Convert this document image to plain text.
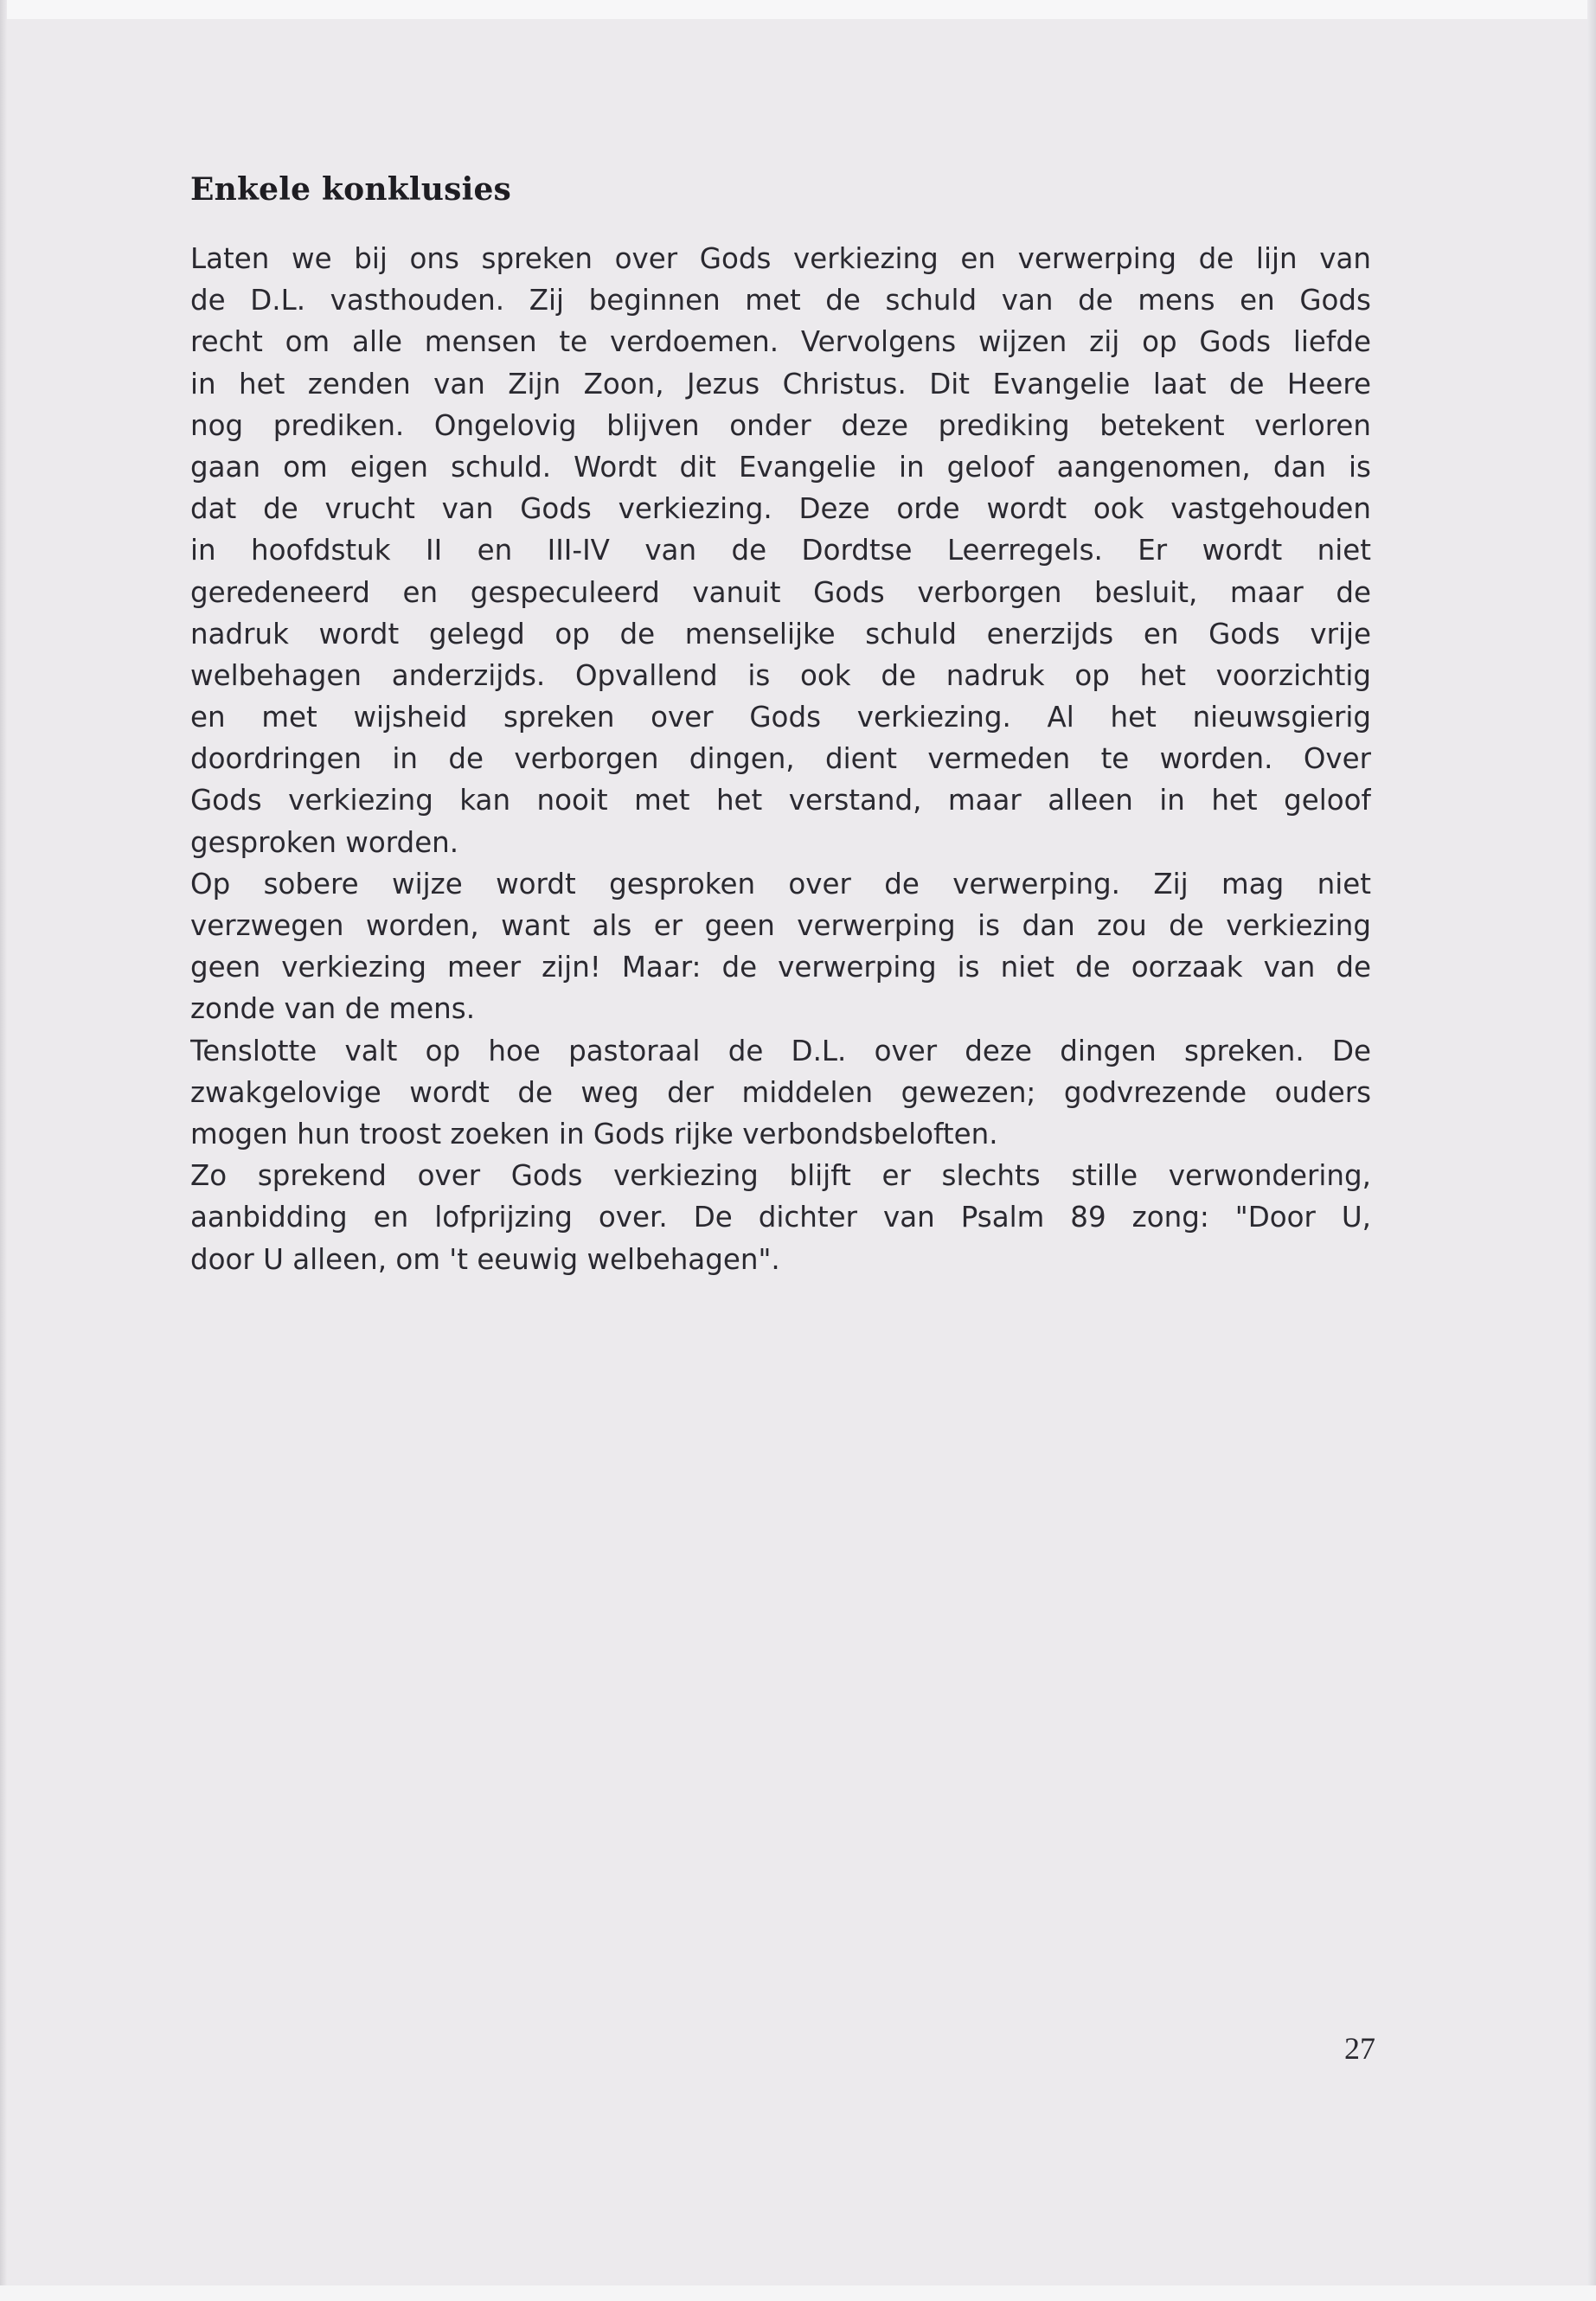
Enkele konklusies
Laten we bij ons spreken over Gods verkiezing en verwerping de lijn van
de D.L. vasthouden. Zij beginnen met de schuld van de mens en Gods
recht om alle mensen te verdoemen. Vervolgens wijzen zij op Gods liefde
in het zenden van Zijn Zoon, Jezus Christus. Dit Evangelie laat de Heere
nog prediken. Ongelovig blijven onder deze prediking betekent verloren
gaan om eigen schuld. Wordt dit Evangelie in geloof aangenomen, dan is
dat de vrucht van Gods verkiezing. Deze orde wordt ook vastgehouden
in hoofdstuk II en III-IV van de Dordtse Leerregels. Er wordt niet
geredeneerd en gespeculeerd vanuit Gods verborgen besluit, maar de
nadruk wordt gelegd op de menselijke schuld enerzijds en Gods vrije
welbehagen anderzijds. Opvallend is ook de nadruk op het voorzichtig
en met wijsheid spreken over Gods verkiezing. Al het nieuwsgierig
doordringen in de verborgen dingen, dient vermeden te worden. Over
Gods verkiezing kan nooit met het verstand, maar alleen in het geloof
gesproken worden.
Op sobere wijze wordt gesproken over de verwerping. Zij mag niet
verzwegen worden, want als er geen verwerping is dan zou de verkiezing
geen verkiezing meer zijn! Maar: de verwerping is niet de oorzaak van de
zonde van de mens.
Tenslotte valt op hoe pastoraal de D.L. over deze dingen spreken. De
zwakgelovige wordt de weg der middelen gewezen; godvrezende ouders
mogen hun troost zoeken in Gods rijke verbondsbeloften.
Zo sprekend over Gods verkiezing blijft er slechts stille verwondering,
aanbidding en lofprijzing over. De dichter van Psalm 89 zong: "Door U,
door U alleen, om 't eeuwig welbehagen".
27
